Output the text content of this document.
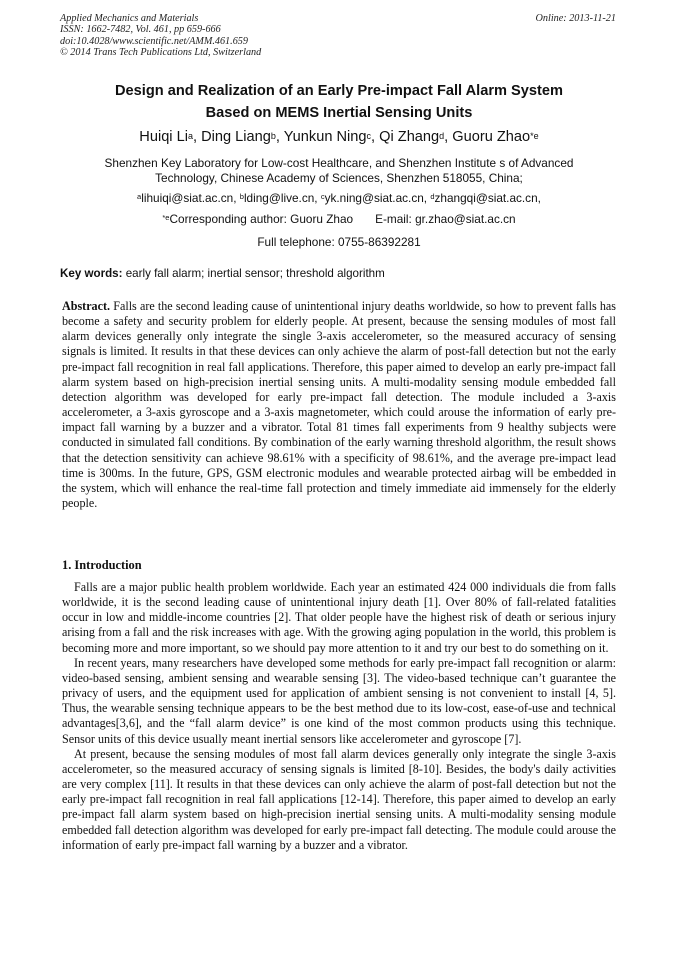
Applied Mechanics and Materials
ISSN: 1662-7482, Vol. 461, pp 659-666
doi:10.4028/www.scientific.net/AMM.461.659
© 2014 Trans Tech Publications Ltd, Switzerland
Online: 2013-11-21
Design and Realization of an Early Pre-impact Fall Alarm System
Based on MEMS Inertial Sensing Units
Huiqi Li$^a$, Ding Liang$^b$, Yunkun Ning$^c$, Qi Zhang$^d$, Guoru Zhao$^{*e}$
Shenzhen Key Laboratory for Low-cost Healthcare, and Shenzhen Institute s of Advanced
Technology, Chinese Academy of Sciences, Shenzhen 518055, China;
$^a$lihuiqi@siat.ac.cn, $^b$lding@live.cn, $^c$yk.ning@siat.ac.cn, $^d$zhangqi@siat.ac.cn,
$^{*e}$Corresponding author: Guoru Zhao E-mail: gr.zhao@siat.ac.cn
Full telephone: 0755-86392281
Key words: early fall alarm; inertial sensor; threshold algorithm
Abstract. Falls are the second leading cause of unintentional injury deaths worldwide, so how to prevent falls has become a safety and security problem for elderly people. At present, because the sensing modules of most fall alarm devices generally only integrate the single 3-axis accelerometer, so the measured accuracy of sensing signals is limited. It results in that these devices can only achieve the alarm of post-fall detection but not the early pre-impact fall recognition in real fall applications. Therefore, this paper aimed to develop an early pre-impact fall alarm system based on high-precision inertial sensing units. A multi-modality sensing module embedded fall detection algorithm was developed for early pre-impact fall detection. The module included a 3-axis accelerometer, a 3-axis gyroscope and a 3-axis magnetometer, which could arouse the information of early pre-impact fall warning by a buzzer and a vibrator. Total 81 times fall experiments from 9 healthy subjects were conducted in simulated fall conditions. By combination of the early warning threshold algorithm, the result shows that the detection sensitivity can achieve 98.61% with a specificity of 98.61%, and the average pre-impact lead time is 300ms. In the future, GPS, GSM electronic modules and wearable protected airbag will be embedded in the system, which will enhance the real-time fall protection and timely immediate aid immensely for the elderly people.
1. Introduction

Falls are a major public health problem worldwide. Each year an estimated 424 000 individuals die from falls worldwide, it is the second leading cause of unintentional injury death [1]. Over 80% of fall-related fatalities occur in low and middle-income countries [2]. That older people have the highest risk of death or serious injury arising from a fall and the risk increases with age. With the growing aging population in the world, this problem is becoming more and more important, so we should pay more attention to it and try our best to do something on it.

In recent years, many researchers have developed some methods for early pre-impact fall recognition or alarm: video-based sensing, ambient sensing and wearable sensing [3]. The video-based technique can’t guarantee the privacy of users, and the equipment used for application of ambient sensing is not convenient to install [4, 5]. Thus, the wearable sensing technique appears to be the best method due to its low-cost, ease-of-use and technical advantages[3,6], and the “fall alarm device” is one kind of the most common products using this technique. Sensor units of this device usually meant inertial sensors like accelerometer and gyroscope [7].

At present, because the sensing modules of most fall alarm devices generally only integrate the single 3-axis accelerometer, so the measured accuracy of sensing signals is limited [8-10]. Besides, the body's daily activities are very complex [11]. It results in that these devices can only achieve the alarm of post-fall detection but not the early pre-impact fall recognition in real fall applications [12-14]. Therefore, this paper aimed to develop an early pre-impact fall alarm system based on high-precision inertial sensing units. A multi-modality sensing module embedded fall detection algorithm was developed for early pre-impact fall detecting. The module could arouse the information of early pre-impact fall warning by a buzzer and a vibrator.
